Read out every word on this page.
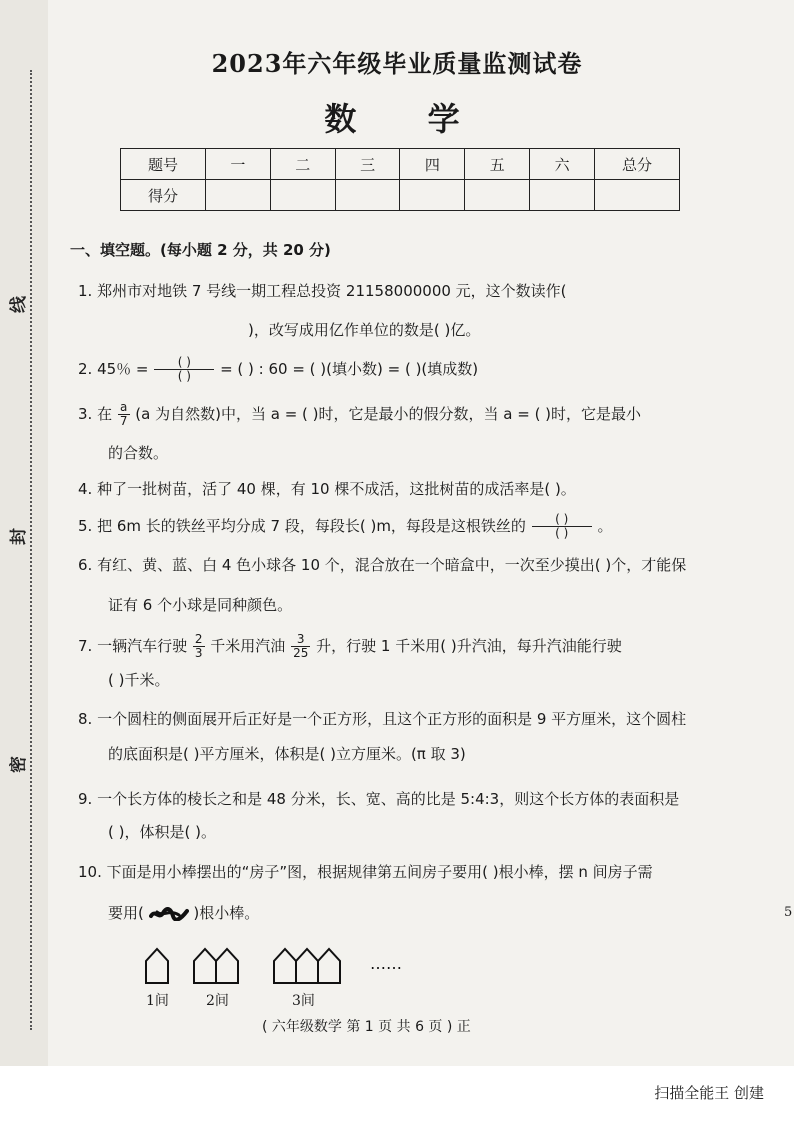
线
封
密
2023年六年级毕业质量监测试卷
数 学
题号	一	二	三	四	五	六	总分
得分							
一、填空题。(每小题 2 分，共 20 分)
1. 郑州市对地铁 7 号线一期工程总投资 21158000000 元，这个数读作(
)，改写成用亿作单位的数是( )亿。
2. 45％ = $\frac{( )}{( )}$ = ( ) : 60 = ( )(填小数) = ( )(填成数)
3. 在 $\frac{a}{7} (a$ 为自然数)中，当 a = ( )时，它是最小的假分数，当 a = ( )时，它是最小
的合数。
4. 种了一批树苗，活了 40 棵，有 10 棵不成活，这批树苗的成活率是( )。
5. 把 6m 长的铁丝平均分成 7 段，每段长( )m，每段是这根铁丝的 $\frac{( )}{( )}$ 。
6. 有红、黄、蓝、白 4 色小球各 10 个，混合放在一个暗盒中，一次至少摸出( )个，才能保
证有 6 个小球是同种颜色。
7. 一辆汽车行驶 $\frac{2}{3}$ 千米用汽油 $\frac{3}{25}$ 升，行驶 1 千米用( )升汽油，每升汽油能行驶
( )千米。
8. 一个圆柱的侧面展开后正好是一个正方形，且这个正方形的面积是 9 平方厘米，这个圆柱
的底面积是( )平方厘米，体积是( )立方厘米。(π 取 3)
9. 一个长方体的棱长之和是 48 分米，长、宽、高的比是 5:4:3，则这个长方体的表面积是
( )，体积是( )。
10. 下面是用小棒摆出的“房子”图，根据规律第五间房子要用( )根小棒，摆 n 间房子需
要用(	)根小棒。
……
1间	2间	3间
( 六年级数学 第 1 页 共 6 页 ) 正
5
扫描全能王 创建
